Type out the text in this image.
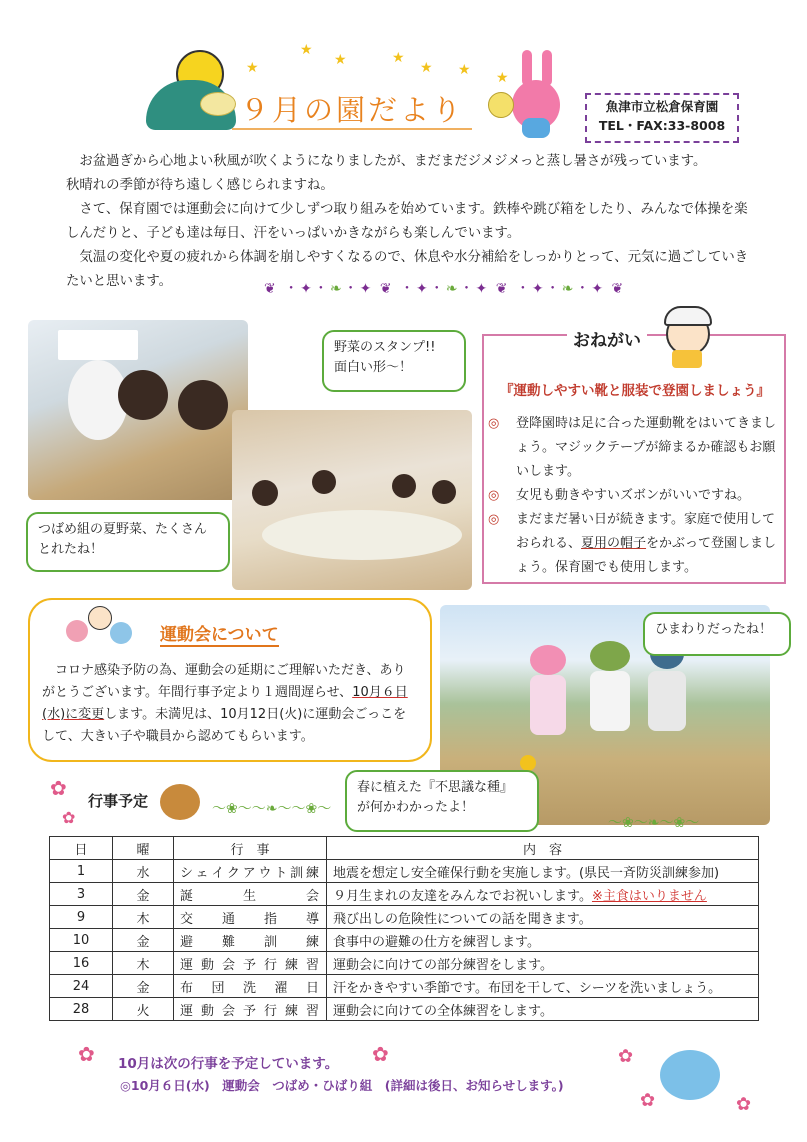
★
★
★	★
★ ★ ★
９月の園だより	魚津市立松倉保育園
TEL・FAX:33-8008

お盆過ぎから心地よい秋風が吹くようになりましたが、まだまだジメジメっと蒸し暑さが残っています。

秋晴れの季節が待ち遠しく感じられますね。

さて、保育園では運動会に向けて少しずつ取り組みを始めています。鉄棒や跳び箱をしたり、みんなで体操を楽しんだりと、子ども達は毎日、汗をいっぱいかきながらも楽しんでいます。

気温の変化や夏の疲れから体調を崩しやすくなるので、休息や水分補給をしっかりとって、元気に過ごしていきたいと思います。	❦ ・✦・❧・✦ ❦ ・✦・❧・✦ ❦ ・✦・❧・✦ ❦
野菜のスタンプ!!
面白い形～！
つばめ組の夏野菜、たくさん
とれたね！
ひまわりだったね！
春に植えた『不思議な種』
が何かわかったよ！
おねがい
『運動しやすい靴と服装で登園しましょう』
◎	登降園時は足に合った運動靴をはいてきましょう。マジックテープが締まるか確認もお願いします。
◎	女児も動きやすいズボンがいいですね。
◎	まだまだ暑い日が続きます。家庭で使用しておられる、夏用の帽子をかぶって登園しましょう。保育園でも使用します。
運動会について

コロナ感染予防の為、運動会の延期にご理解いただき、ありがとうございます。年間行事予定より１週間遅らせ、10月６日(水)に変更します。未満児は、10月12日(火)に運動会ごっこをして、大きい子や職員から認めてもらいます。

✿
✿
行事予定	〜❀〜〜❧〜〜❀〜
〜❀〜❧〜❀〜
日	曜	行　事	内　容
1	水	シェイクアウト訓練	地震を想定し安全確保行動を実施します。(県民一斉防災訓練参加)
3	金	誕生会	９月生まれの友達をみんなでお祝いします。※主食はいりません
9	木	交通指導	飛び出しの危険性についての話を聞きます。
10	金	避難訓練	食事中の避難の仕方を練習します。
16	木	運動会予行練習	運動会に向けての部分練習をします。
24	金	布団洗濯日	汗をかきやすい季節です。布団を干して、シーツを洗いましょう。
28	火	運動会予行練習	運動会に向けての全体練習をします。
✿	✿
10月は次の行事を予定しています。
◎10月６日(水)　運動会　つばめ・ひばり組　(詳細は後日、お知らせします。)
✿
✿	✿
